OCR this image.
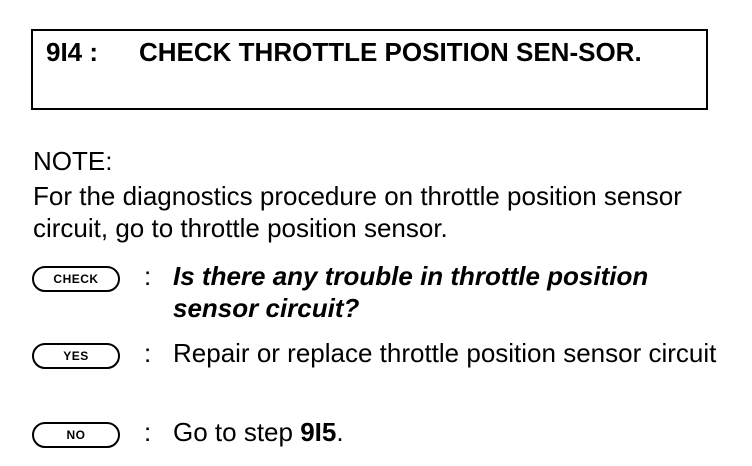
9I4 : CHECK THROTTLE POSITION SEN-SOR.
NOTE:
For the diagnostics procedure on throttle position sensor circuit, go to throttle position sensor.
CHECK	: Is there any trouble in throttle position sensor circuit?
YES	: Repair or replace throttle position sensor circuit
NO	: Go to step 9I5.
